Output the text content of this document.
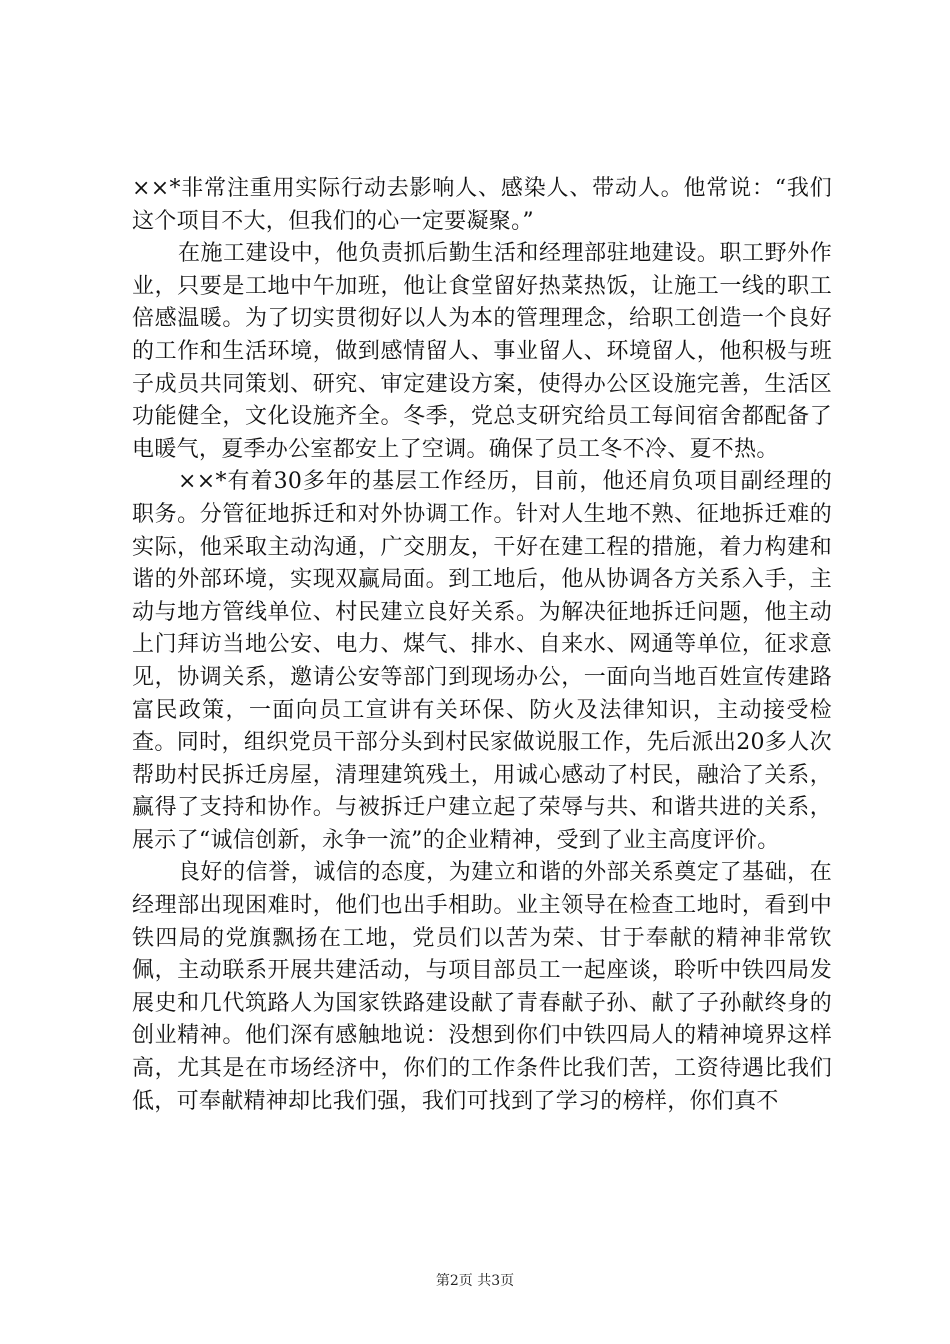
××*非常注重用实际行动去影响人、感染人、带动人。他常说：“我们这个项目不大，但我们的心一定要凝聚。”

在施工建设中，他负责抓后勤生活和经理部驻地建设。职工野外作业，只要是工地中午加班，他让食堂留好热菜热饭，让施工一线的职工倍感温暖。为了切实贯彻好以人为本的管理理念，给职工创造一个良好的工作和生活环境，做到感情留人、事业留人、环境留人，他积极与班子成员共同策划、研究、审定建设方案，使得办公区设施完善，生活区功能健全，文化设施齐全。冬季，党总支研究给员工每间宿舍都配备了电暖气，夏季办公室都安上了空调。确保了员工冬不冷、夏不热。

××*有着30多年的基层工作经历，目前，他还肩负项目副经理的职务。分管征地拆迁和对外协调工作。针对人生地不熟、征地拆迁难的实际，他采取主动沟通，广交朋友，干好在建工程的措施，着力构建和谐的外部环境，实现双赢局面。到工地后，他从协调各方关系入手，主动与地方管线单位、村民建立良好关系。为解决征地拆迁问题，他主动上门拜访当地公安、电力、煤气、排水、自来水、网通等单位，征求意见，协调关系，邀请公安等部门到现场办公，一面向当地百姓宣传建路富民政策，一面向员工宣讲有关环保、防火及法律知识，主动接受检查。同时，组织党员干部分头到村民家做说服工作，先后派出20多人次帮助村民拆迁房屋，清理建筑残土，用诚心感动了村民，融洽了关系，赢得了支持和协作。与被拆迁户建立起了荣辱与共、和谐共进的关系，展示了“诚信创新，永争一流”的企业精神，受到了业主高度评价。

良好的信誉，诚信的态度，为建立和谐的外部关系奠定了基础，在经理部出现困难时，他们也出手相助。业主领导在检查工地时，看到中铁四局的党旗飘扬在工地，党员们以苦为荣、甘于奉献的精神非常钦佩，主动联系开展共建活动，与项目部员工一起座谈，聆听中铁四局发展史和几代筑路人为国家铁路建设献了青春献子孙、献了子孙献终身的创业精神。他们深有感触地说：没想到你们中铁四局人的精神境界这样高，尤其是在市场经济中，你们的工作条件比我们苦，工资待遇比我们低，可奉献精神却比我们强，我们可找到了学习的榜样，你们真不

第2页 共3页
